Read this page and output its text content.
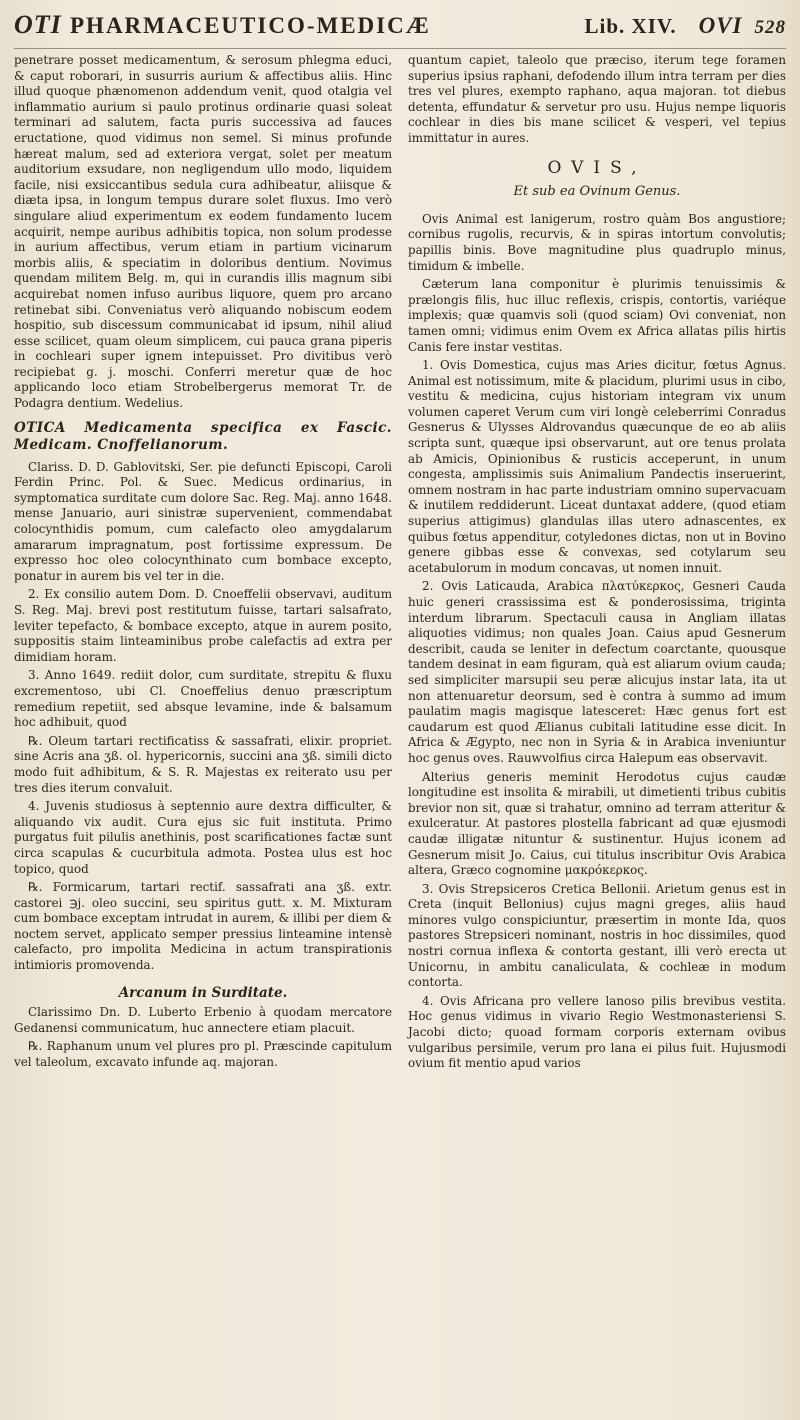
OTI PHARMACEUTICO-MEDICÆ	Lib. XIV. OVI 528

penetrare posset medicamentum, & serosum phlegma educi, & caput roborari, in susurris aurium & affectibus aliis. Hinc illud quoque phænomenon addendum venit, quod otalgia vel inflammatio aurium si paulo protinus ordinarie quasi soleat terminari ad salutem, facta puris successiva ad fauces eructatione, quod vidimus non semel. Si minus profunde hæreat malum, sed ad exteriora vergat, solet per meatum auditorium exsudare, non negligendum ullo modo, liquidem facile, nisi exsiccantibus sedula cura adhibeatur, aliisque & diæta ipsa, in longum tempus durare solet fluxus. Imo verò singulare aliud experimentum ex eodem fundamento lucem acquirit, nempe auribus adhibitis topica, non solum prodesse in aurium affectibus, verum etiam in partium vicinarum morbis aliis, & speciatim in doloribus dentium. Novimus quendam militem Belg. m, qui in curandis illis magnum sibi acquirebat nomen infuso auribus liquore, quem pro arcano retinebat sibi. Conveniatus verò aliquando nobiscum eodem hospitio, sub discessum communicabat id ipsum, nihil aliud esse scilicet, quam oleum simplicem, cui pauca grana piperis in cochleari super ignem intepuisset. Pro divitibus verò recipiebat g. j. moschi. Conferri meretur quæ de hoc applicando loco etiam Strobelbergerus memorat Tr. de Podagra dentium. Wedelius.

OTICA Medicamenta specifica ex Fascic. Medicam. Cnoffelianorum.

Clariss. D. D. Gablovitski, Ser. pie defuncti Episcopi, Caroli Ferdin Princ. Pol. & Suec. Medicus ordinarius, in symptomatica surditate cum dolore Sac. Reg. Maj. anno 1648. mense Januario, auri sinistræ supervenient, commendabat colocynthidis pomum, cum calefacto oleo amygdalarum amararum impragnatum, post fortissime expressum. De expresso hoc oleo colocynthinato cum bombace excepto, ponatur in aurem bis vel ter in die.

2. Ex consilio autem Dom. D. Cnoeffelii observavi, auditum S. Reg. Maj. brevi post restitutum fuisse, tartari salsafrato, leviter tepefacto, & bombace excepto, atque in aurem posito, suppositis staim linteaminibus probe calefactis ad extra per dimidiam horam.

3. Anno 1649. rediit dolor, cum surditate, strepitu & fluxu excrementoso, ubi Cl. Cnoeffelius denuo præscriptum remedium repetiit, sed absque levamine, inde & balsamum hoc adhibuit, quod

℞. Oleum tartari rectificatiss & sassafrati, elixir. propriet. sine Acris ana ʒß. ol. hypericornis, succini ana ʒß. simili dicto modo fuit adhibitum, & S. R. Majestas ex reiterato usu per tres dies iterum convaluit.

4. Juvenis studiosus à septennio aure dextra difficulter, & aliquando vix audit. Cura ejus sic fuit instituta. Primo purgatus fuit pilulis anethinis, post scarificationes factæ sunt circa scapulas & cucurbitula admota. Postea ulus est hoc topico, quod

℞. Formicarum, tartari rectif. sassafrati ana ʒß. extr. castorei ℈j. oleo succini, seu spiritus gutt. x. M. Mixturam cum bombace exceptam intrudat in aurem, & illibi per diem & noctem servet, applicato semper pressius linteamine intensè calefacto, pro impolita Medicina in actum transpirationis intimioris promovenda.

Arcanum in Surditate.

Clarissimo Dn. D. Luberto Erbenio à quodam mercatore Gedanensi communicatum, huc annectere etiam placuit.

℞. Raphanum unum vel plures pro pl. Præscinde capitulum vel taleolum, excavato infunde aq. majoran.

quantum capiet, taleolo que præciso, iterum tege foramen superius ipsius raphani, defodendo illum intra terram per dies tres vel plures, exempto raphano, aqua majoran. tot diebus detenta, effundatur & servetur pro usu. Hujus nempe liquoris cochlear in dies bis mane scilicet & vesperi, vel tepius immittatur in aures.

OVIS,
Et sub ea Ovinum Genus.

Ovis Animal est lanigerum, rostro quàm Bos angustiore; cornibus rugolis, recurvis, & in spiras intortum convolutis; papillis binis. Bove magnitudine plus quadruplo minus, timidum & imbelle.

Cæterum lana componitur è plurimis tenuissimis & prælongis filis, huc illuc reflexis, crispis, contortis, variéque implexis; quæ quamvis soli (quod sciam) Ovi conveniat, non tamen omni; vidimus enim Ovem ex Africa allatas pilis hirtis Canis fere instar vestitas.

1. Ovis Domestica, cujus mas Aries dicitur, fœtus Agnus. Animal est notissimum, mite & placidum, plurimi usus in cibo, vestitu & medicina, cujus historiam integram vix unum volumen caperet Verum cum viri longè celeberrimi Conradus Gesnerus & Ulysses Aldrovandus quæcunque de eo ab aliis scripta sunt, quæque ipsi observarunt, aut ore tenus prolata ab Amicis, Opinionibus & rusticis acceperunt, in unum congesta, amplissimis suis Animalium Pandectis inseruerint, omnem nostram in hac parte industriam omnino supervacuam & inutilem reddiderunt. Liceat duntaxat addere, (quod etiam superius attigimus) glandulas illas utero adnascentes, ex quibus fœtus appenditur, cotyledones dictas, non ut in Bovino genere gibbas esse & convexas, sed cotylarum seu acetabulorum in modum concavas, ut nomen innuit.

2. Ovis Laticauda, Arabica πλατύκερκος, Gesneri Cauda huic generi crassissima est & ponderosissima, triginta interdum librarum. Spectaculi causa in Angliam illatas aliquoties vidimus; non quales Joan. Caius apud Gesnerum describit, cauda se leniter in defectum coarctante, quousque tandem desinat in eam figuram, quà est aliarum ovium cauda; sed simpliciter marsupii seu peræ alicujus instar lata, ita ut non attenuaretur deorsum, sed è contra à summo ad imum paulatim magis magisque latesceret: Hæc genus fort est caudarum est quod Ælianus cubitali latitudine esse dicit. In Africa & Ægypto, nec non in Syria & in Arabica inveniuntur hoc genus oves. Rauwvolfius circa Halepum eas observavit.

Alterius generis meminit Herodotus cujus caudæ longitudine est insolita & mirabili, ut dimetienti tribus cubitis brevior non sit, quæ si trahatur, omnino ad terram atteritur & exulceratur. At pastores plostella fabricant ad quæ ejusmodi caudæ illigatæ nituntur & sustinentur. Hujus iconem ad Gesnerum misit Jo. Caius, cui titulus inscribitur Ovis Arabica altera, Græco cognomine μακρόκερκος.

3. Ovis Strepsiceros Cretica Bellonii. Arietum genus est in Creta (inquit Bellonius) cujus magni greges, aliis haud minores vulgo conspiciuntur, præsertim in monte Ida, quos pastores Strepsiceri nominant, nostris in hoc dissimiles, quod nostri cornua inflexa & contorta gestant, illi verò erecta ut Unicornu, in ambitu canaliculata, & cochleæ in modum contorta.

4. Ovis Africana pro vellere lanoso pilis brevibus vestita. Hoc genus vidimus in vivario Regio Westmonasteriensi S. Jacobi dicto; quoad formam corporis externam ovibus vulgaribus persimile, verum pro lana ei pilus fuit. Hujusmodi ovium fit mentio apud varios
